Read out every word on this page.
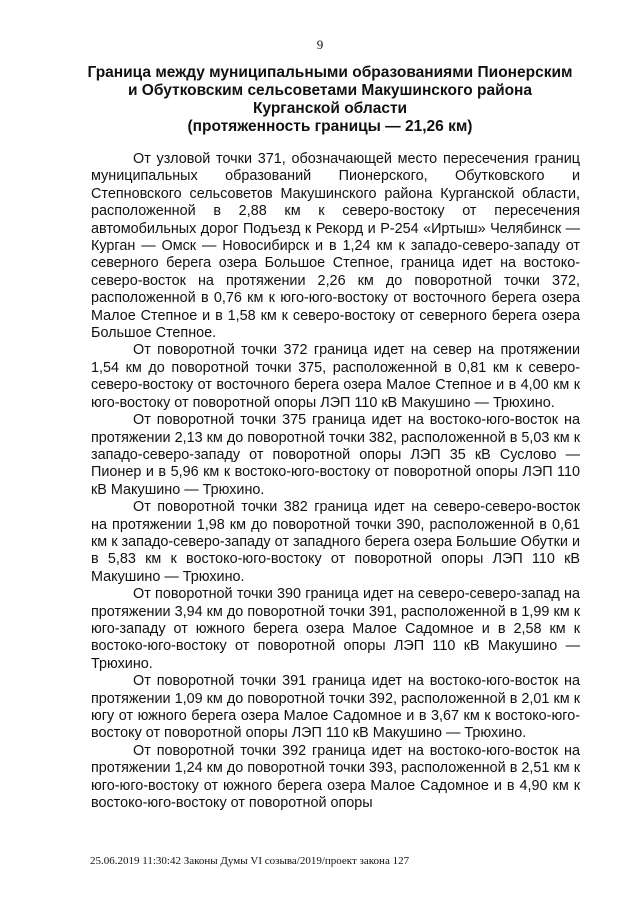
9
Граница между муниципальными образованиями Пионерским
и Обутковским сельсоветами Макушинского района
Курганской области
(протяженность границы — 21,26 км)

От узловой точки 371, обозначающей место пересечения границ муниципальных образований Пионерского, Обутковского и Степновского сельсоветов Макушинского района Курганской области, расположенной в 2,88 км к северо-востоку от пересечения автомобильных дорог Подъезд к Рекорд и Р-254 «Иртыш» Челябинск — Курган — Омск — Новосибирск и в 1,24 км к западо-северо-западу от северного берега озера Большое Степное, граница идет на востоко-северо-восток на протяжении 2,26 км до поворотной точки 372, расположенной в 0,76 км к юго-юго-востоку от восточного берега озера Малое Степное и в 1,58 км к северо-востоку от северного берега озера Большое Степное.

От поворотной точки 372 граница идет на север на протяжении 1,54 км до поворотной точки 375, расположенной в 0,81 км к северо-северо-востоку от восточного берега озера Малое Степное и в 4,00 км к юго-востоку от поворотной опоры ЛЭП 110 кВ Макушино — Трюхино.

От поворотной точки 375 граница идет на востоко-юго-восток на протяжении 2,13 км до поворотной точки 382, расположенной в 5,03 км к западо-северо-западу от поворотной опоры ЛЭП 35 кВ Суслово — Пионер и в 5,96 км к востоко-юго-востоку от поворотной опоры ЛЭП 110 кВ Макушино — Трюхино.

От поворотной точки 382 граница идет на северо-северо-восток на протяжении 1,98 км до поворотной точки 390, расположенной в 0,61 км к западо-северо-западу от западного берега озера Большие Обутки и в 5,83 км к востоко-юго-востоку от поворотной опоры ЛЭП 110 кВ Макушино — Трюхино.

От поворотной точки 390 граница идет на северо-северо-запад на протяжении 3,94 км до поворотной точки 391, расположенной в 1,99 км к юго-западу от южного берега озера Малое Садомное и в 2,58 км к востоко-юго-востоку от поворотной опоры ЛЭП 110 кВ Макушино — Трюхино.

От поворотной точки 391 граница идет на востоко-юго-восток на протяжении 1,09 км до поворотной точки 392, расположенной в 2,01 км к югу от южного берега озера Малое Садомное и в 3,67 км к востоко-юго-востоку от поворотной опоры ЛЭП 110 кВ Макушино — Трюхино.

От поворотной точки 392 граница идет на востоко-юго-восток на протяжении 1,24 км до поворотной точки 393, расположенной в 2,51 км к юго-юго-востоку от южного берега озера Малое Садомное и в 4,90 км к востоко-юго-востоку от поворотной опоры

25.06.2019 11:30:42 Законы Думы VI созыва/2019/проект закона 127
